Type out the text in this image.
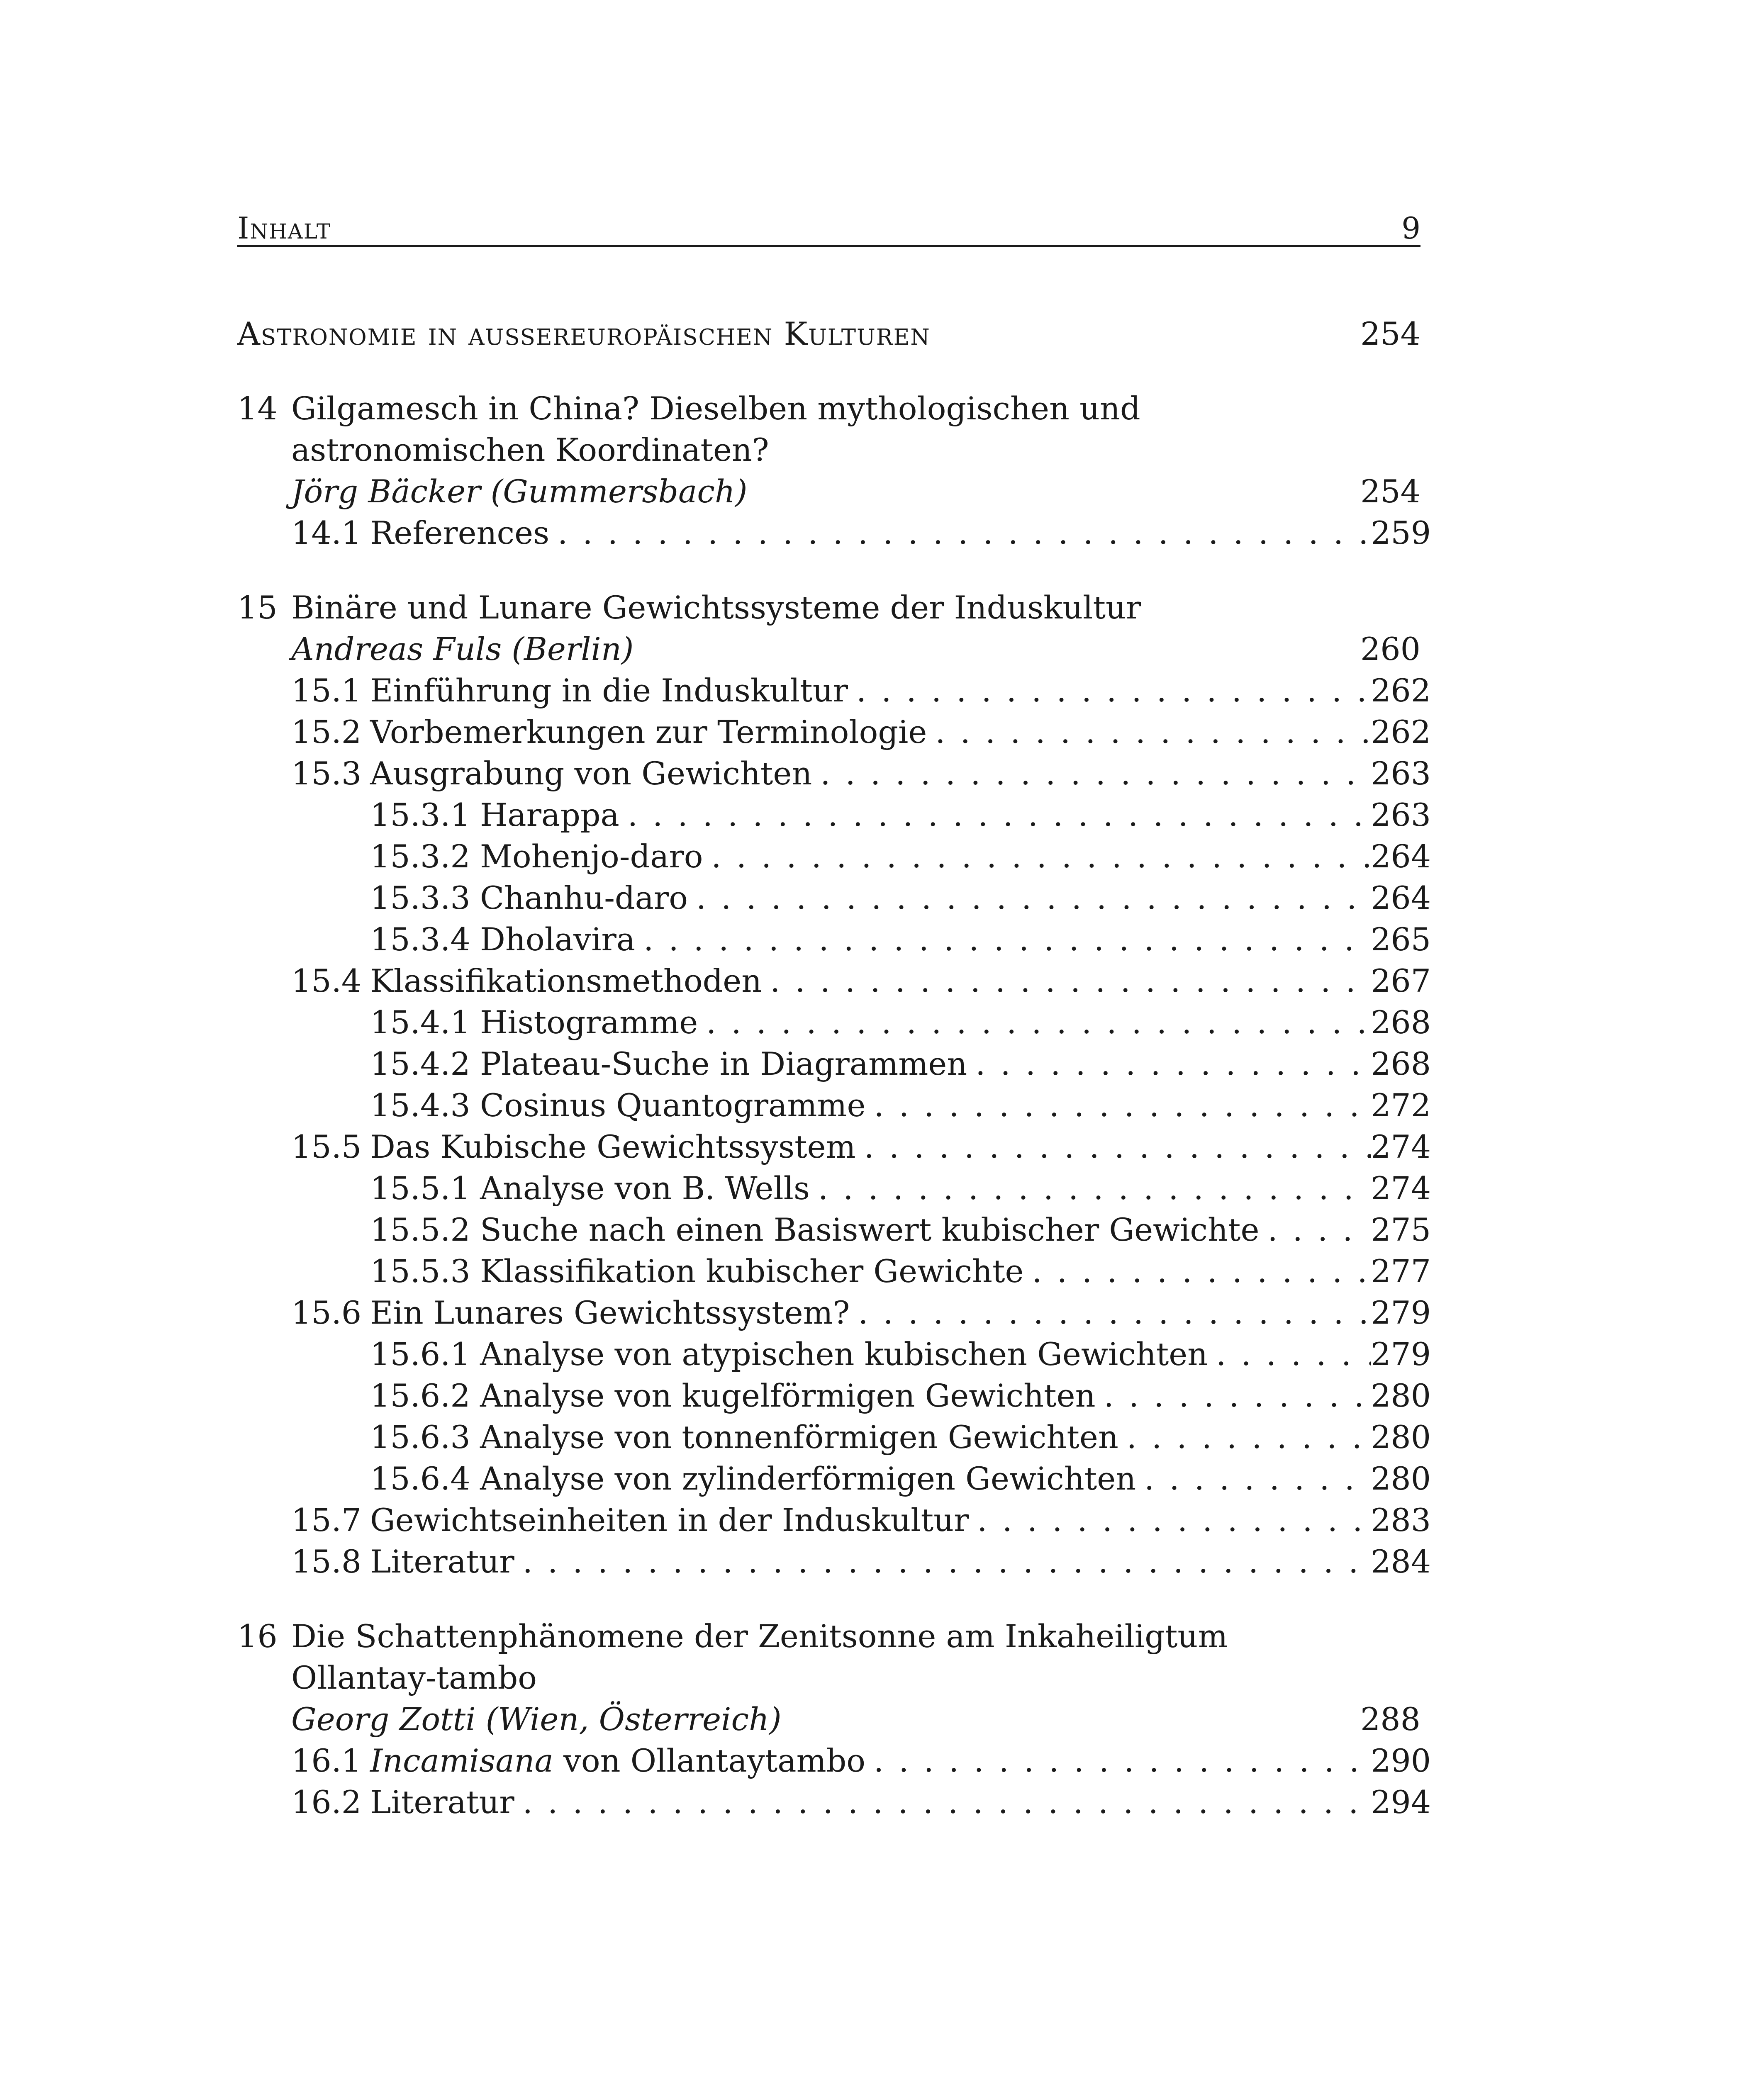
Inhalt	9
Astronomie in aussereuropäischen Kulturen	254
14 Gilgamesch in China? Dieselben mythologischen und astronomischen Koordinaten?
Jörg Bäcker (Gummersbach)	254
14.1 References . . .	259
15 Binäre und Lunare Gewichtssysteme der Induskultur
Andreas Fuls (Berlin)	260
15.1 Einführung in die Induskultur . . .	262
15.2 Vorbemerkungen zur Terminologie . . .	262
15.3 Ausgrabung von Gewichten . . .	263
15.3.1 Harappa . . .	263
15.3.2 Mohenjo-daro . . .	264
15.3.3 Chanhu-daro . . .	264
15.3.4 Dholavira . . .	265
15.4 Klassifikationsmethoden . . .	267
15.4.1 Histogramme . . .	268
15.4.2 Plateau-Suche in Diagrammen . . .	268
15.4.3 Cosinus Quantogramme . . .	272
15.5 Das Kubische Gewichtssystem . . .	274
15.5.1 Analyse von B. Wells . . .	274
15.5.2 Suche nach einen Basiswert kubischer Gewichte . . .	275
15.5.3 Klassifikation kubischer Gewichte . . .	277
15.6 Ein Lunares Gewichtssystem? . . .	279
15.6.1 Analyse von atypischen kubischen Gewichten . . .	279
15.6.2 Analyse von kugelförmigen Gewichten . . .	280
15.6.3 Analyse von tonnenförmigen Gewichten . . .	280
15.6.4 Analyse von zylinderförmigen Gewichten . . .	280
15.7 Gewichtseinheiten in der Induskultur . . .	283
15.8 Literatur . . .	284
16 Die Schattenphänomene der Zenitsonne am Inkaheiligtum Ollantay-tambo
Georg Zotti (Wien, Österreich)	288
16.1 Incamisana von Ollantaytambo . . .	290
16.2 Literatur . . .	294
